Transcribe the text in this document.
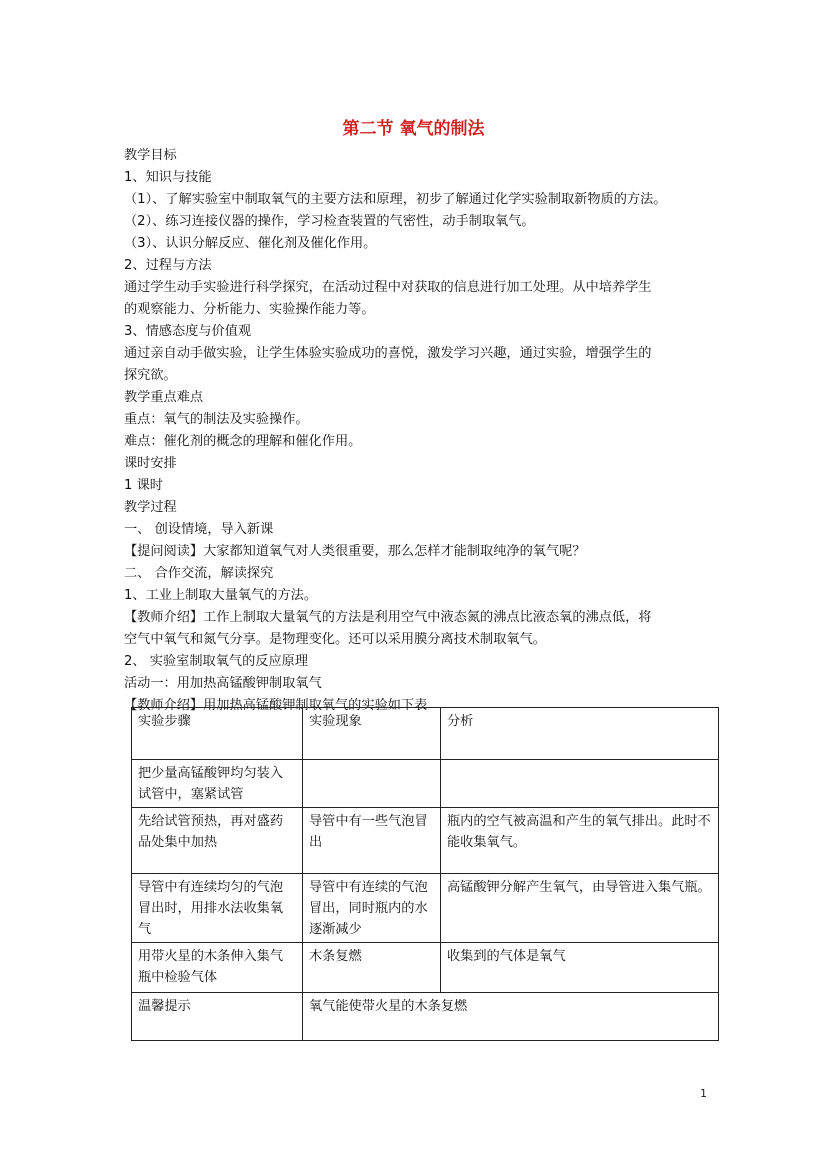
第二节 氧气的制法
教学目标
1、知识与技能
（1）、了解实验室中制取氧气的主要方法和原理，初步了解通过化学实验制取新物质的方法。
（2）、练习连接仪器的操作，学习检查装置的气密性，动手制取氧气。
（3）、认识分解反应、催化剂及催化作用。
2、过程与方法
通过学生动手实验进行科学探究，在活动过程中对获取的信息进行加工处理。从中培养学生
的观察能力、分析能力、实验操作能力等。
3、情感态度与价值观
通过亲自动手做实验，让学生体验实验成功的喜悦，激发学习兴趣，通过实验，增强学生的
探究欲。
教学重点难点
重点：氧气的制法及实验操作。
难点：催化剂的概念的理解和催化作用。
课时安排
1 课时
教学过程
一、 创设情境，导入新课
【提问阅读】大家都知道氧气对人类很重要，那么怎样才能制取纯净的氧气呢？
二、 合作交流，解读探究
1、工业上制取大量氧气的方法。
【教师介绍】工作上制取大量氧气的方法是利用空气中液态氮的沸点比液态氧的沸点低，将
空气中氧气和氮气分享。是物理变化。还可以采用膜分离技术制取氧气。
2、 实验室制取氧气的反应原理
活动一：用加热高锰酸钾制取氧气
【教师介绍】用加热高锰酸钾制取氧气的实验如下表
实验步骤	实验现象	分析
把少量高锰酸钾均匀装入试管中，塞紧试管		
先给试管预热，再对盛药品处集中加热	导管中有一些气泡冒出	瓶内的空气被高温和产生的氧气排出。此时不能收集氧气。
导管中有连续均匀的气泡冒出时，用排水法收集氧气	导管中有连续的气泡冒出，同时瓶内的水逐渐减少	高锰酸钾分解产生氧气，由导管进入集气瓶。
用带火星的木条伸入集气瓶中检验气体	木条复燃	收集到的气体是氧气
温馨提示	氧气能使带火星的木条复燃	
1
